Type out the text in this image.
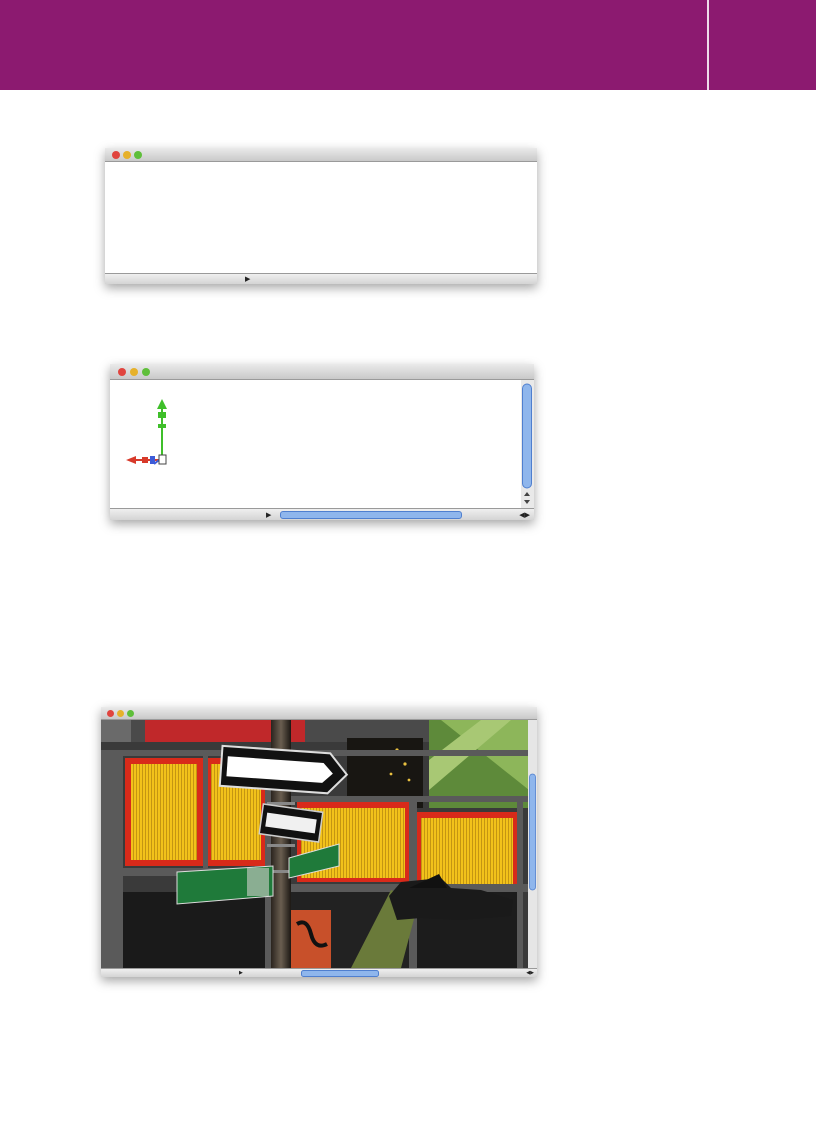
▶
▶	◀▶

▶	◀▶
